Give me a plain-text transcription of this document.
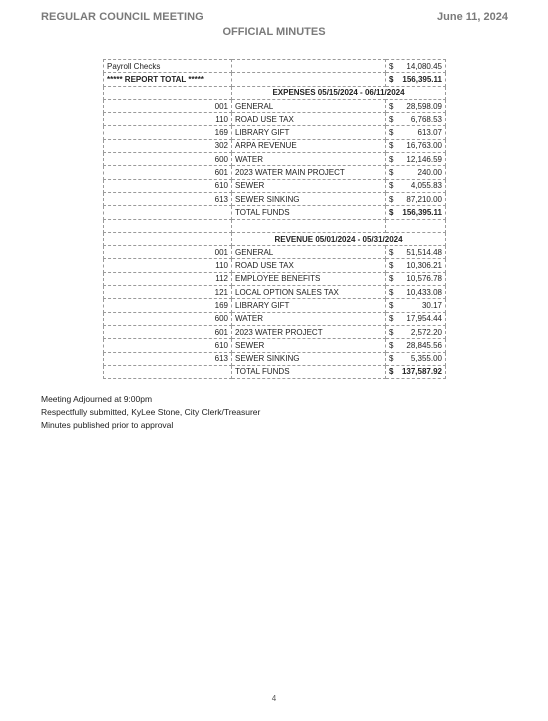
REGULAR COUNCIL MEETING	June 11, 2024
OFFICIAL MINUTES
Payroll Checks		$ 14,080.45

***** REPORT TOTAL *****		$ 156,395.11

	EXPENSES 05/15/2024 - 06/11/2024	
001	GENERAL	$ 28,598.09

110	ROAD USE TAX	$ 6,768.53

169	LIBRARY GIFT	$ 613.07

302	ARPA REVENUE	$ 16,763.00

600	WATER	$ 12,146.59

601	2023 WATER MAIN PROJECT	$ 240.00

610	SEWER	$ 4,055.83

613	SEWER SINKING	$ 87,210.00

	TOTAL FUNDS	$ 156,395.11

	REVENUE 05/01/2024 - 05/31/2024	
001	GENERAL	$ 51,514.48

110	ROAD USE TAX	$ 10,306.21

112	EMPLOYEE BENEFITS	$ 10,576.78

121	LOCAL OPTION SALES TAX	$ 10,433.08

169	LIBRARY GIFT	$ 30.17

600	WATER	$ 17,954.44

601	2023 WATER PROJECT	$ 2,572.20

610	SEWER	$ 28,845.56

613	SEWER SINKING	$ 5,355.00

	TOTAL FUNDS	$ 137,587.92
Meeting Adjourned at 9:00pm
Respectfully submitted, KyLee Stone, City Clerk/Treasurer
Minutes published prior to approval
4
